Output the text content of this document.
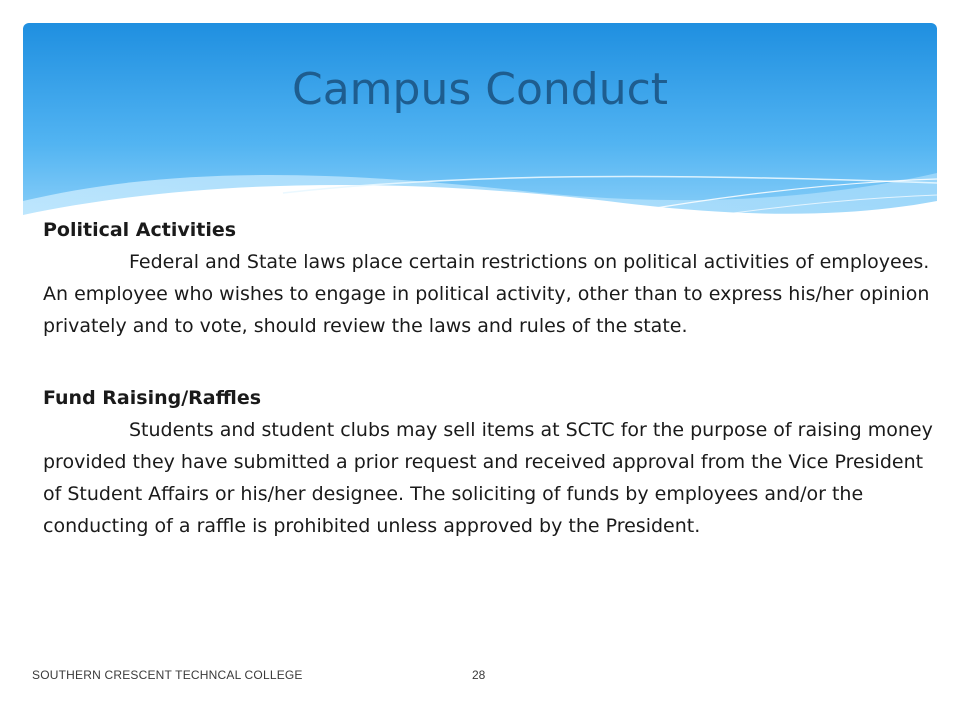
Campus Conduct

Political Activities

Federal and State laws place certain restrictions on political activities of employees. An employee who wishes to engage in political activity, other than to express his/her opinion privately and to vote, should review the laws and rules of the state.

Fund Raising/Raffles

Students and student clubs may sell items at SCTC for the purpose of raising money provided they have submitted a prior request and received approval from the Vice President of Student Affairs or his/her designee. The soliciting of funds by employees and/or the conducting of a raffle is prohibited unless approved by the President.

SOUTHERN CRESCENT TECHNCAL COLLEGE	28
